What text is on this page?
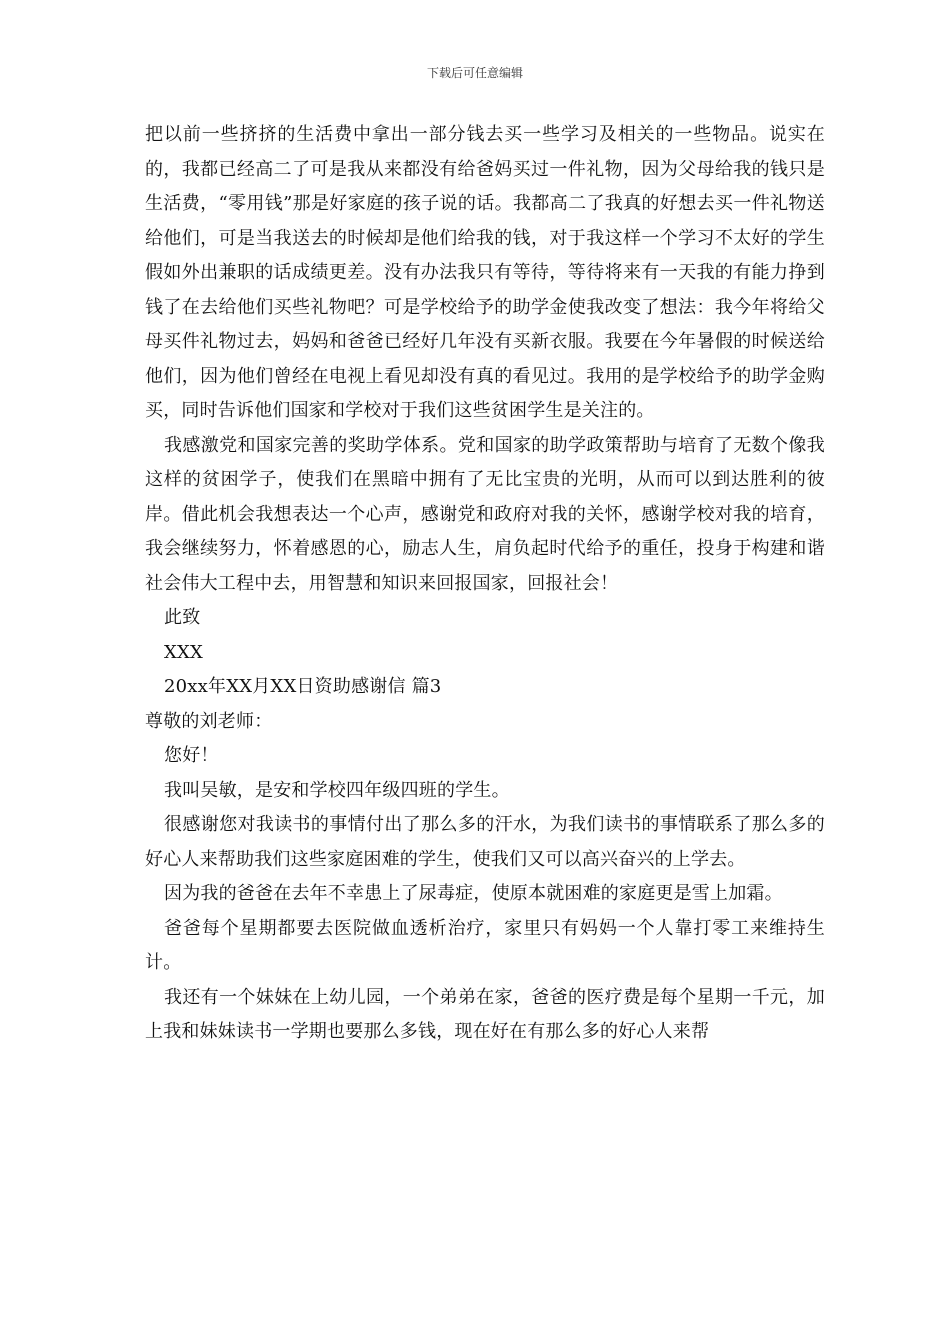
下载后可任意编辑

把以前一些挤挤的生活费中拿出一部分钱去买一些学习及相关的一些物品。说实在的，我都已经高二了可是我从来都没有给爸妈买过一件礼物，因为父母给我的钱只是生活费，“零用钱”那是好家庭的孩子说的话。我都高二了我真的好想去买一件礼物送给他们，可是当我送去的时候却是他们给我的钱，对于我这样一个学习不太好的学生假如外出兼职的话成绩更差。没有办法我只有等待，等待将来有一天我的有能力挣到钱了在去给他们买些礼物吧？可是学校给予的助学金使我改变了想法：我今年将给父母买件礼物过去，妈妈和爸爸已经好几年没有买新衣服。我要在今年暑假的时候送给他们，因为他们曾经在电视上看见却没有真的看见过。我用的是学校给予的助学金购买，同时告诉他们国家和学校对于我们这些贫困学生是关注的。

我感激党和国家完善的奖助学体系。党和国家的助学政策帮助与培育了无数个像我这样的贫困学子，使我们在黑暗中拥有了无比宝贵的光明，从而可以到达胜利的彼岸。借此机会我想表达一个心声，感谢党和政府对我的关怀，感谢学校对我的培育，我会继续努力，怀着感恩的心，励志人生，肩负起时代给予的重任，投身于构建和谐社会伟大工程中去，用智慧和知识来回报国家，回报社会！

此致

XXX

20xx年XX月XX日资助感谢信 篇3

尊敬的刘老师：

您好！

我叫吴敏，是安和学校四年级四班的学生。

很感谢您对我读书的事情付出了那么多的汗水，为我们读书的事情联系了那么多的好心人来帮助我们这些家庭困难的学生，使我们又可以高兴奋兴的上学去。

因为我的爸爸在去年不幸患上了尿毒症，使原本就困难的家庭更是雪上加霜。

爸爸每个星期都要去医院做血透析治疗，家里只有妈妈一个人靠打零工来维持生计。

我还有一个妹妹在上幼儿园，一个弟弟在家，爸爸的医疗费是每个星期一千元，加上我和妹妹读书一学期也要那么多钱，现在好在有那么多的好心人来帮
